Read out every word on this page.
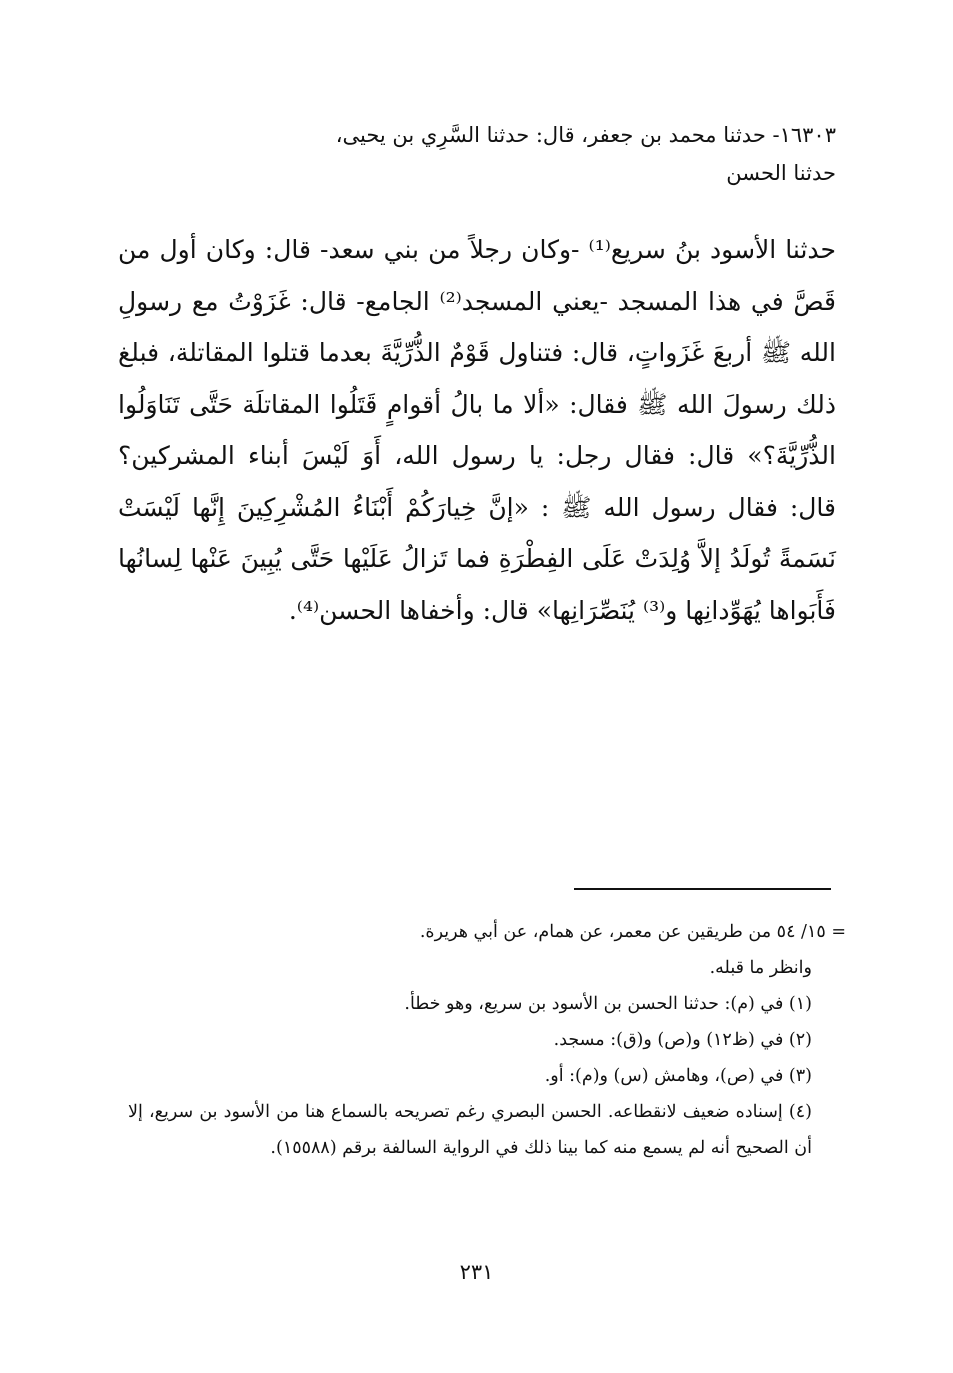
١٦٣٠٣- حدثنا محمد بن جعفر، قال: حدثنا السَّرِي بن يحيى،
حدثنا الحسن
حدثنا الأسود بنُ سريع⁽¹⁾ -وكان رجلاً من بني سعد- قال: وكان أول من قَصَّ في هذا المسجد -يعني المسجد⁽²⁾ الجامع- قال: غَزَوْتُ مع رسولِ الله ﷺ أربعَ غَزَواتٍ، قال: فتناول قَوْمٌ الذُّرِّيَّةَ بعدما قتلوا المقاتلة، فبلغ ذلك رسولَ الله ﷺ فقال: «ألا ما بالُ أقوامٍ قَتَلُوا المقاتلَة حَتَّى تَنَاوَلُوا الذُّرِّيَّةَ؟» قال: فقال رجل: يا رسول الله، أَوَ لَيْسَ أبناء المشركين؟ قال: فقال رسول الله ﷺ : «إنَّ خِيارَكُمْ أَبْنَاءُ المُشْرِكِينَ إِنَّها لَيْسَتْ نَسَمةً تُولَدُ إلاَّ وُلِدَتْ عَلَى الفِطْرَةِ فما تَزالُ عَلَيْها حَتَّى يُبِينَ عَنْها لِسانُها فَأَبَواها يُهَوِّدانِها و⁽³⁾ يُنَصِّرَانِها» قال: وأخفاها الحسن⁽⁴⁾.
= ١٥/ ٥٤ من طريقين عن معمر، عن همام، عن أبي هريرة.
وانظر ما قبله.
(١) في (م): حدثنا الحسن بن الأسود بن سريع، وهو خطأ.
(٢) في (ظ١٢) و(ص) و(ق): مسجد.
(٣) في (ص)، وهامش (س) و(م): أو.
(٤) إسناده ضعيف لانقطاعه. الحسن البصري رغم تصريحه بالسماع هنا من الأسود بن سريع، إلا أن الصحيح أنه لم يسمع منه كما بينا ذلك في الرواية السالفة برقم (١٥٥٨٨).
٢٣١
